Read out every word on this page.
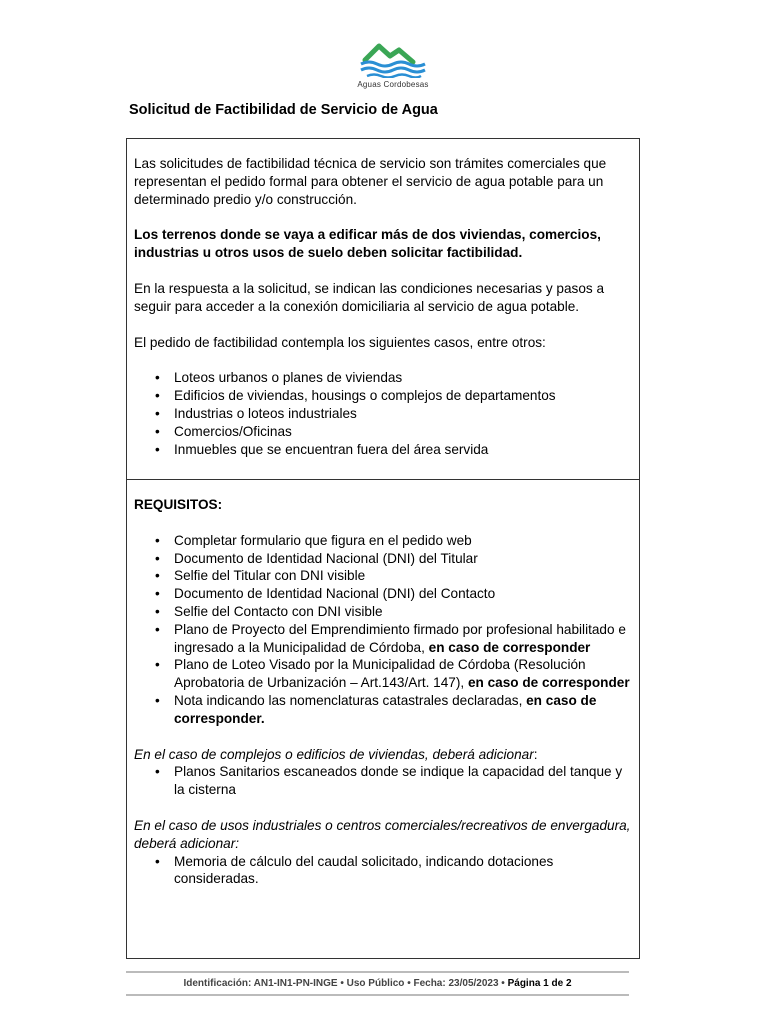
Aguas Cordobesas
Solicitud de Factibilidad de Servicio de Agua

Las solicitudes de factibilidad técnica de servicio son trámites comerciales que representan el pedido formal para obtener el servicio de agua potable para un determinado predio y/o construcción.

Los terrenos donde se vaya a edificar más de dos viviendas, comercios, industrias u otros usos de suelo deben solicitar factibilidad.

En la respuesta a la solicitud, se indican las condiciones necesarias y pasos a seguir para acceder a la conexión domiciliaria al servicio de agua potable.

El pedido de factibilidad contempla los siguientes casos, entre otros:

• Loteos urbanos o planes de viviendas
• Edificios de viviendas, housings o complejos de departamentos
• Industrias o loteos industriales
• Comercios/Oficinas
• Inmuebles que se encuentran fuera del área servida

REQUISITOS:

• Completar formulario que figura en el pedido web
• Documento de Identidad Nacional (DNI) del Titular
• Selfie del Titular con DNI visible
• Documento de Identidad Nacional (DNI) del Contacto
• Selfie del Contacto con DNI visible
• Plano de Proyecto del Emprendimiento firmado por profesional habilitado e ingresado a la Municipalidad de Córdoba, en caso de corresponder
• Plano de Loteo Visado por la Municipalidad de Córdoba (Resolución Aprobatoria de Urbanización – Art.143/Art. 147), en caso de corresponder
• Nota indicando las nomenclaturas catastrales declaradas, en caso de corresponder.

En el caso de complejos o edificios de viviendas, deberá adicionar:

• Planos Sanitarios escaneados donde se indique la capacidad del tanque y la cisterna

En el caso de usos industriales o centros comerciales/recreativos de envergadura, deberá adicionar:

• Memoria de cálculo del caudal solicitado, indicando dotaciones consideradas.
Identificación: AN1-IN1-PN-INGE • Uso Público • Fecha: 23/05/2023 • Página 1 de 2
